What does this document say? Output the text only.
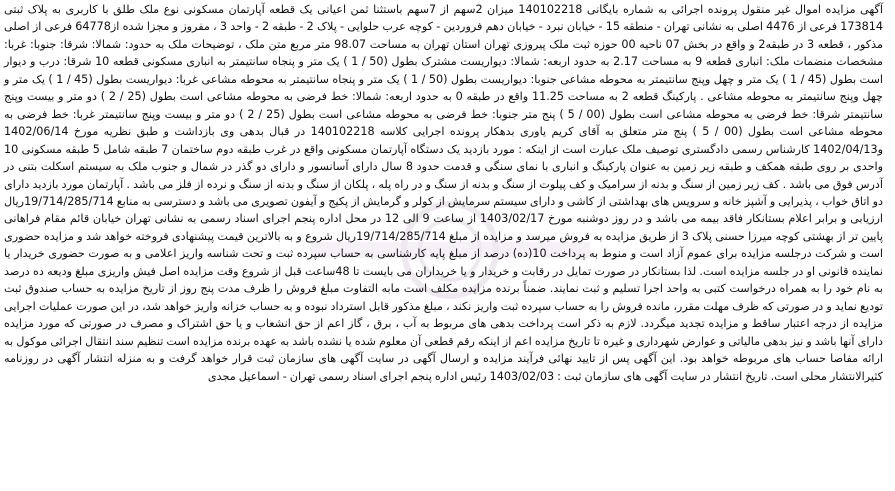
آگهی مزایده اموال غیر منقول پرونده اجرائی به شماره بایگانی 140102218 میزان 2سهم از 7سهم باستثنا ثمن اعیانی یک قطعه آپارتمان مسکونی نوع ملک طلق با کاربری به پلاک ثبتی 173814 فرعی از 4476 اصلی به نشانی تهران - منطقه 15 - خیابان نبرد - خیابان دهم فروردین - کوچه عرب حلوایی - پلاک 2 - طبقه 2 - واحد 3 ، مفروز و مجزا شده از64778 فرعی از اصلی مذکور ، قطعه 3 در طبقه2 و واقع در بخش 07 ناحیه 00 حوزه ثبت ملک پیروزی تهران استان تهران به مساحت 98.07 متر مربع متن ملک ، توضیحات ملک به حدود: شمالا: شرقا: جنوبا: غربا: مشخصات منضمات ملک: انباری قطعه 9 به مساحت 2.17 به حدود اربعه: شمالا: دیواریست مشترک بطول (50 / 1 ) یک متر و پنجاه سانتیمتر به انباری مسکونی قطعه 10 شرقا: درب و دیوار است بطول (45 / 1 ) یک متر و چهل وپنج سانتیمتر به محوطه مشاعی جنوبا: دیواریست بطول (50 / 1 ) یک متر و پنجاه سانتیمتر به محوطه مشاعی غربا: دیواریست بطول (45 / 1 ) یک متر و چهل وپنج سانتیمتر به محوطه مشاعی . پارکینگ قطعه 2 به مساحت 11.25 واقع در طبقه 0 به حدود اربعه: شمالا: خط فرضی به محوطه مشاعی است بطول (25 / 2 ) دو متر و بیست وپنج سانتیمتر شرقا: خط فرضی به محوطه مشاعی است بطول (00 / 5 ) پنج متر جنوبا: خط فرضی به محوطه مشاعی است بطول (25 / 2 ) دو متر و بیست وپنج سانتیمتر غربا: خط فرضی به محوطه مشاعی است بطول (00 / 5 ) پنج متر متعلق به آقای کریم یاوری بدهکار پرونده اجرایی کلاسه 140102218 در قبال بدهی وی بازداشت و طبق نظریه مورخ 1402/06/14 و1402/04/13 کارشناس رسمی دادگستری توصیف ملک عبارت است از اینکه : مورد بازدید یک دستگاه آپارتمان مسکونی واقع در غرب طبقه دوم ساختمان 7 طبقه شامل 5 طبقه مسکونی 10 واحدی بر روی طبقه همکف و طبقه زیر زمین به عنوان پارکینگ و انباری با نمای سنگی و قدمت حدود 8 سال دارای آسانسور و دارای دو گذر در شمال و جنوب ملک به سیستم اسکلت بتنی در آدرس فوق می باشد . کف زیر زمین از سنگ و بدنه از سرامیک و کف پیلوت از سنگ و بدنه از سنگ و در راه پله ، پلکان از سنگ و بدنه از سنگ و نرده از فلز می باشد . آپارتمان مورد بازدید دارای دو اتاق خواب ، پذیرایی و آشپز خانه و سرویس های بهداشتی از کاشی و دارای سیستم سرمایش از کولر و گرمایش از پکیج و آیفون تصویری می باشد و دسترسی به منابع 19/714/285/714ریال ارزیابی و برابر اعلام بستانکار فاقد بیمه می باشد و در روز دوشنبه مورخ 1403/02/17 از ساعت 9 الی 12 در محل اداره پنجم اجرای اسناد رسمی به نشانی تهران خیابان قائم مقام فراهانی پایین تر از بهشتی کوچه میرزا حسنی پلاک 3 از طریق مزایده به فروش میرسد و مزایده از مبلغ 19/714/285/714ریال شروع و به بالاترین قیمت پیشنهادی فروخته خواهد شد و مزایده حضوری است و شرکت درجلسه مزایده برای عموم آزاد است و منوط به پرداخت 10(ده) درصد از مبلغ پایه کارشناسی به حساب سپرده ثبت و تحت شناسه واریز اعلامی و به صورت حضوری خریدار یا نماینده قانونی او در جلسه مزایده است. لذا بستانکار در صورت تمایل در رقابت و خریدار و یا خریداران می بایست تا 48ساعت قبل از شروع وقت مزایده اصل فیش واریزی مبلغ ودیعه ده درصد به نام خود را به همراه درخواست کتبی به واحد اجرا تسلیم و ثبت نمایند. ضمناً برنده مزایده مکلف است مابه التفاوت مبلغ فروش را ظرف مدت پنج روز از تاریخ مزایده به حساب صندوق ثبت تودیع نماید و در صورتی که ظرف مهلت مقرر، مانده فروش را به حساب سپرده ثبت واریز نکند ، مبلغ مذکور قابل استرداد نبوده و به حساب خزانه واریز خواهد شد، در این صورت عملیات اجرایی مزایده از درجه اعتبار ساقط و مزایده تجدید میگردد. لازم به ذکر است پرداخت بدهی های مربوط به آب ، برق ، گاز اعم از حق انشعاب و یا حق اشتراک و مصرف در صورتی که مورد مزایده دارای آنها باشد و نیز بدهی مالیاتی و عوارض شهرداری و غیره تا تاریخ مزایده اعم از اینکه رقم قطعی آن معلوم شده یا نشده باشد به عهده برنده مزایده است تنظیم سند انتقال اجرائی موکول به ارائه مفاصا حساب های مربوطه خواهد بود. این آگهی پس از تایید نهائی فرآیند مزایده و ارسال آگهی در سایت آگهی های سازمان ثبت قرار خواهد گرفت و به منزله انتشار آگهی در روزنامه کثیرالانتشار محلی است. تاریخ انتشار در سایت آگهی های سازمان ثبت : 1403/02/03 رئیس اداره پنجم اجرای اسناد رسمی تهران - اسماعیل مجدی
